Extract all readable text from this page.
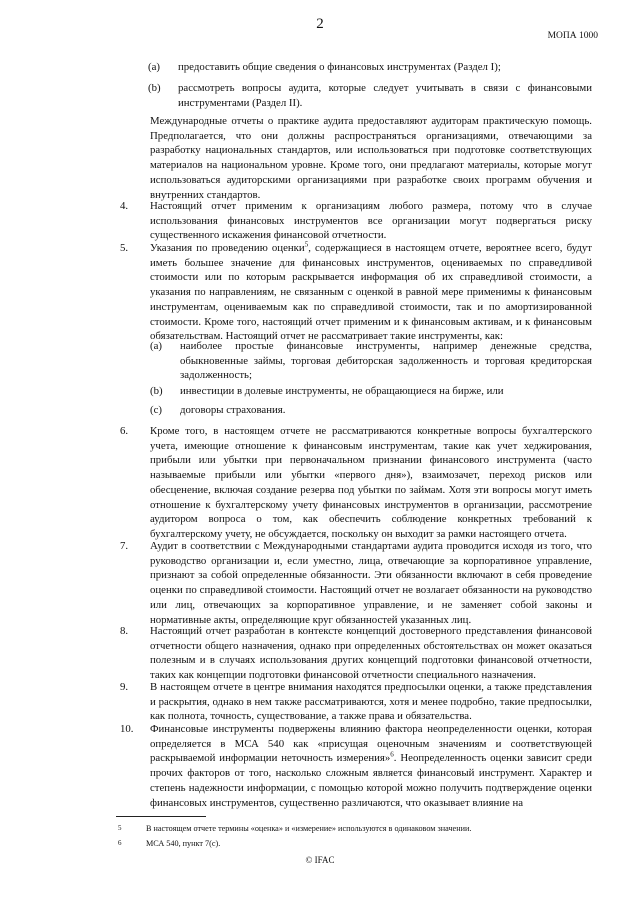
2
МОПА 1000
(a) предоставить общие сведения о финансовых инструментах (Раздел I);
(b) рассмотреть вопросы аудита, которые следует учитывать в связи с финансовыми инструментами (Раздел II).
Международные отчеты о практике аудита предоставляют аудиторам практическую помощь. Предполагается, что они должны распространяться организациями, отвечающими за разработку национальных стандартов, или использоваться при подготовке соответствующих материалов на национальном уровне. Кроме того, они предлагают материалы, которые могут использоваться аудиторскими организациями при разработке своих программ обучения и внутренних стандартов.
4. Настоящий отчет применим к организациям любого размера, потому что в случае использования финансовых инструментов все организации могут подвергаться риску существенного искажения финансовой отчетности.
5. Указания по проведению оценки$^5$, содержащиеся в настоящем отчете, вероятнее всего, будут иметь большее значение для финансовых инструментов, оцениваемых по справедливой стоимости или по которым раскрывается информация об их справедливой стоимости, а указания по направлениям, не связанным с оценкой в равной мере применимы к финансовым инструментам, оцениваемым как по справедливой стоимости, так и по амортизированной стоимости. Кроме того, настоящий отчет применим и к финансовым активам, и к финансовым обязательствам. Настоящий отчет не рассматривает такие инструменты, как:
(a) наиболее простые финансовые инструменты, например денежные средства, обыкновенные займы, торговая дебиторская задолженность и торговая кредиторская задолженность;
(b) инвестиции в долевые инструменты, не обращающиеся на бирже, или
(c) договоры страхования.
6. Кроме того, в настоящем отчете не рассматриваются конкретные вопросы бухгалтерского учета, имеющие отношение к финансовым инструментам, такие как учет хеджирования, прибыли или убытки при первоначальном признании финансового инструмента (часто называемые прибыли или убытки «первого дня»), взаимозачет, переход рисков или обесценение, включая создание резерва под убытки по займам. Хотя эти вопросы могут иметь отношение к бухгалтерскому учету финансовых инструментов в организации, рассмотрение аудитором вопроса о том, как обеспечить соблюдение конкретных требований к бухгалтерскому учету, не обсуждается, поскольку он выходит за рамки настоящего отчета.
7. Аудит в соответствии с Международными стандартами аудита проводится исходя из того, что руководство организации и, если уместно, лица, отвечающие за корпоративное управление, признают за собой определенные обязанности. Эти обязанности включают в себя проведение оценки по справедливой стоимости. Настоящий отчет не возлагает обязанности на руководство или лиц, отвечающих за корпоративное управление, и не заменяет собой законы и нормативные акты, определяющие круг обязанностей указанных лиц.
8. Настоящий отчет разработан в контексте концепций достоверного представления финансовой отчетности общего назначения, однако при определенных обстоятельствах он может оказаться полезным и в случаях использования других концепций подготовки финансовой отчетности, таких как концепции подготовки финансовой отчетности специального назначения.
9. В настоящем отчете в центре внимания находятся предпосылки оценки, а также представления и раскрытия, однако в нем также рассматриваются, хотя и менее подробно, такие предпосылки, как полнота, точность, существование, а также права и обязательства.
10. Финансовые инструменты подвержены влиянию фактора неопределенности оценки, которая определяется в МСА 540 как «присущая оценочным значениям и соответствующей раскрываемой информации неточность измерения»$^6$. Неопределенность оценки зависит среди прочих факторов от того, насколько сложным является финансовый инструмент. Характер и степень надежности информации, с помощью которой можно получить подтверждение оценки финансовых инструментов, существенно различаются, что оказывает влияние на
5	В настоящем отчете термины «оценка» и «измерение» используются в одинаковом значении.
6	МСА 540, пункт 7(с).
© IFAC
